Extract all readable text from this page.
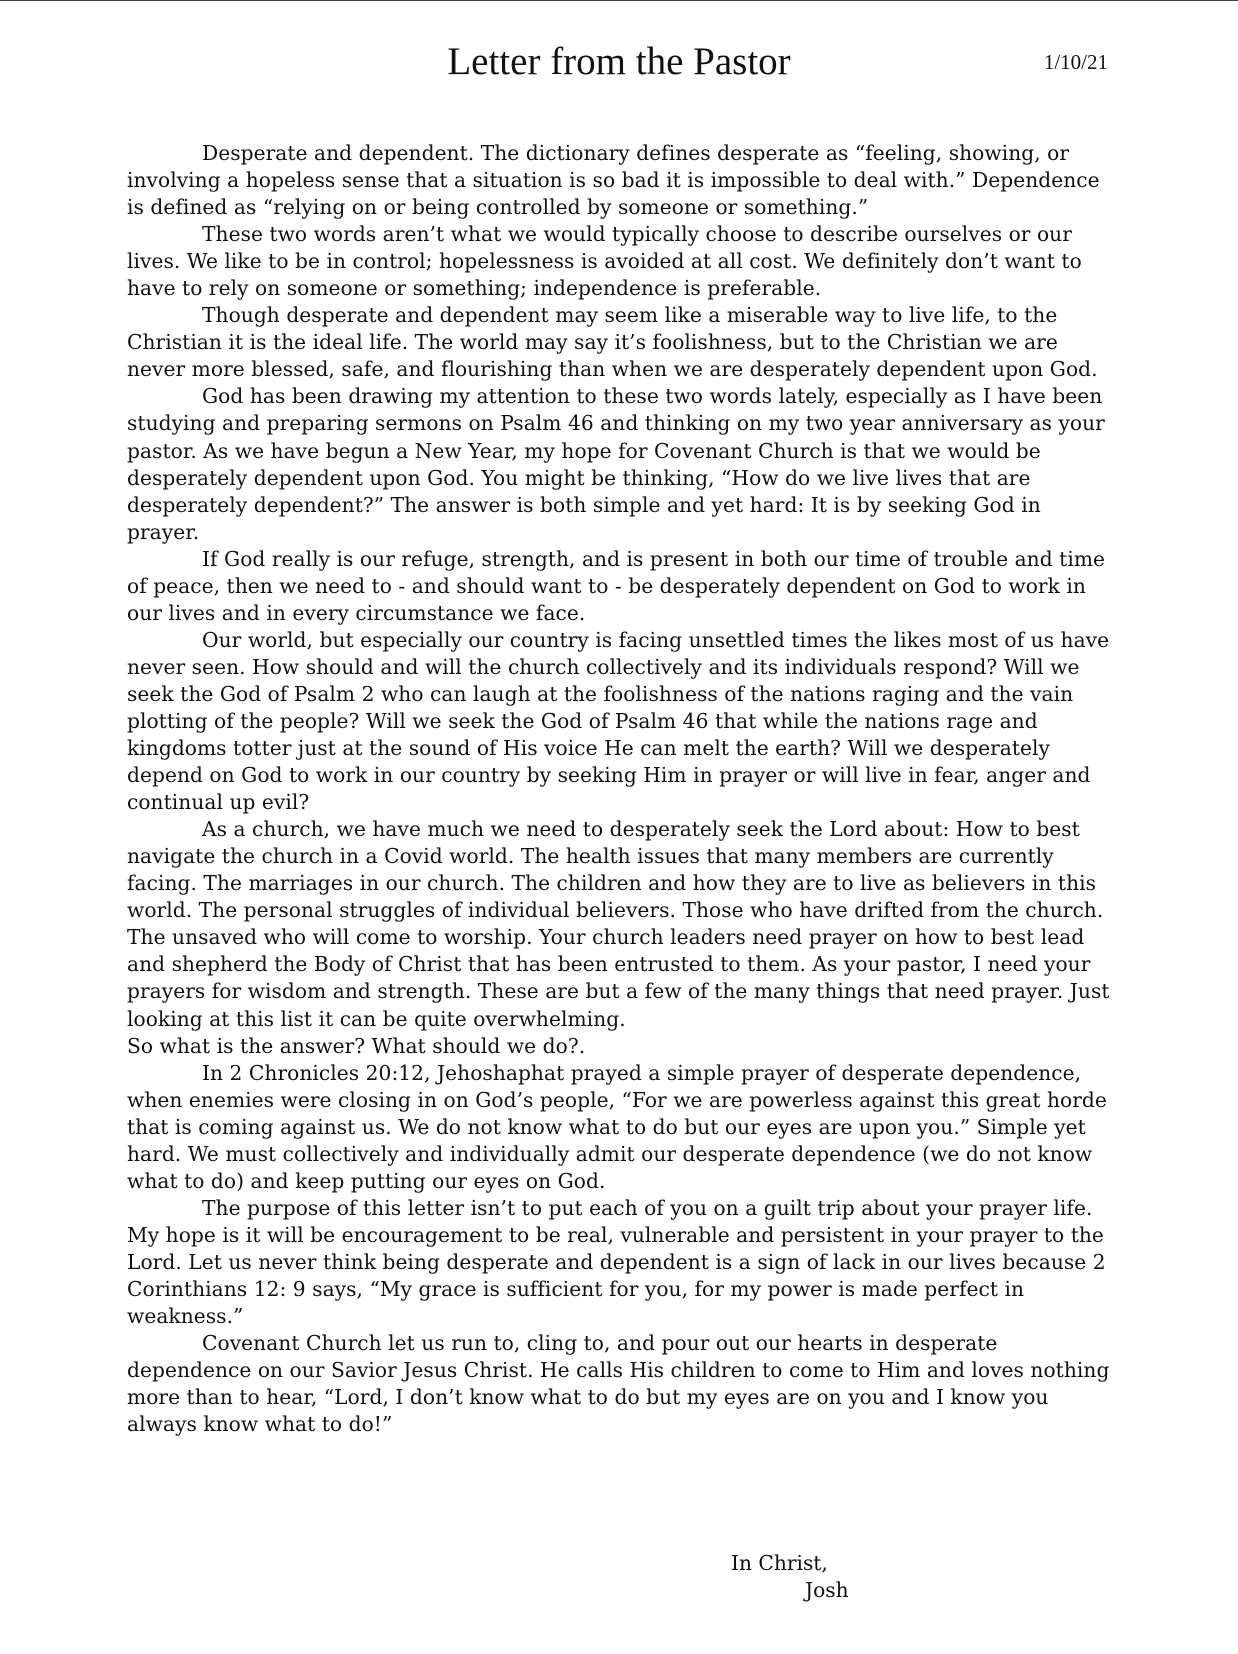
Letter from the Pastor	1/10/21

Desperate and dependent. The dictionary defines desperate as “feeling, showing, or involving a hopeless sense that a situation is so bad it is impossible to deal with.” Dependence is defined as “relying on or being controlled by someone or something.”

These two words aren’t what we would typically choose to describe ourselves or our lives. We like to be in control; hopelessness is avoided at all cost. We definitely don’t want to have to rely on someone or something; independence is preferable.

Though desperate and dependent may seem like a miserable way to live life, to the Christian it is the ideal life. The world may say it’s foolishness, but to the Christian we are never more blessed, safe, and flourishing than when we are desperately dependent upon God.

God has been drawing my attention to these two words lately, especially as I have been studying and preparing sermons on Psalm 46 and thinking on my two year anniversary as your pastor. As we have begun a New Year, my hope for Covenant Church is that we would be desperately dependent upon God. You might be thinking, “How do we live lives that are desperately dependent?” The answer is both simple and yet hard: It is by seeking God in prayer.

If God really is our refuge, strength, and is present in both our time of trouble and time of peace, then we need to - and should want to - be desperately dependent on God to work in our lives and in every circumstance we face.

Our world, but especially our country is facing unsettled times the likes most of us have never seen. How should and will the church collectively and its individuals respond? Will we seek the God of Psalm 2 who can laugh at the foolishness of the nations raging and the vain plotting of the people? Will we seek the God of Psalm 46 that while the nations rage and kingdoms totter just at the sound of His voice He can melt the earth? Will we desperately depend on God to work in our country by seeking Him in prayer or will live in fear, anger and continual up evil?

As a church, we have much we need to desperately seek the Lord about: How to best navigate the church in a Covid world. The health issues that many members are currently facing. The marriages in our church. The children and how they are to live as believers in this world. The personal struggles of individual believers. Those who have drifted from the church. The unsaved who will come to worship. Your church leaders need prayer on how to best lead and shepherd the Body of Christ that has been entrusted to them. As your pastor, I need your prayers for wisdom and strength. These are but a few of the many things that need prayer. Just looking at this list it can be quite overwhelming.

So what is the answer? What should we do?.

In 2 Chronicles 20:12, Jehoshaphat prayed a simple prayer of desperate dependence, when enemies were closing in on God’s people, “For we are powerless against this great horde that is coming against us. We do not know what to do but our eyes are upon you.” Simple yet hard. We must collectively and individually admit our desperate dependence (we do not know what to do) and keep putting our eyes on God.

The purpose of this letter isn’t to put each of you on a guilt trip about your prayer life. My hope is it will be encouragement to be real, vulnerable and persistent in your prayer to the Lord. Let us never think being desperate and dependent is a sign of lack in our lives because 2 Corinthians 12: 9 says, “My grace is sufficient for you, for my power is made perfect in weakness.”

Covenant Church let us run to, cling to, and pour out our hearts in desperate dependence on our Savior Jesus Christ. He calls His children to come to Him and loves nothing more than to hear, “Lord, I don’t know what to do but my eyes are on you and I know you always know what to do!”

In Christ,
Josh
